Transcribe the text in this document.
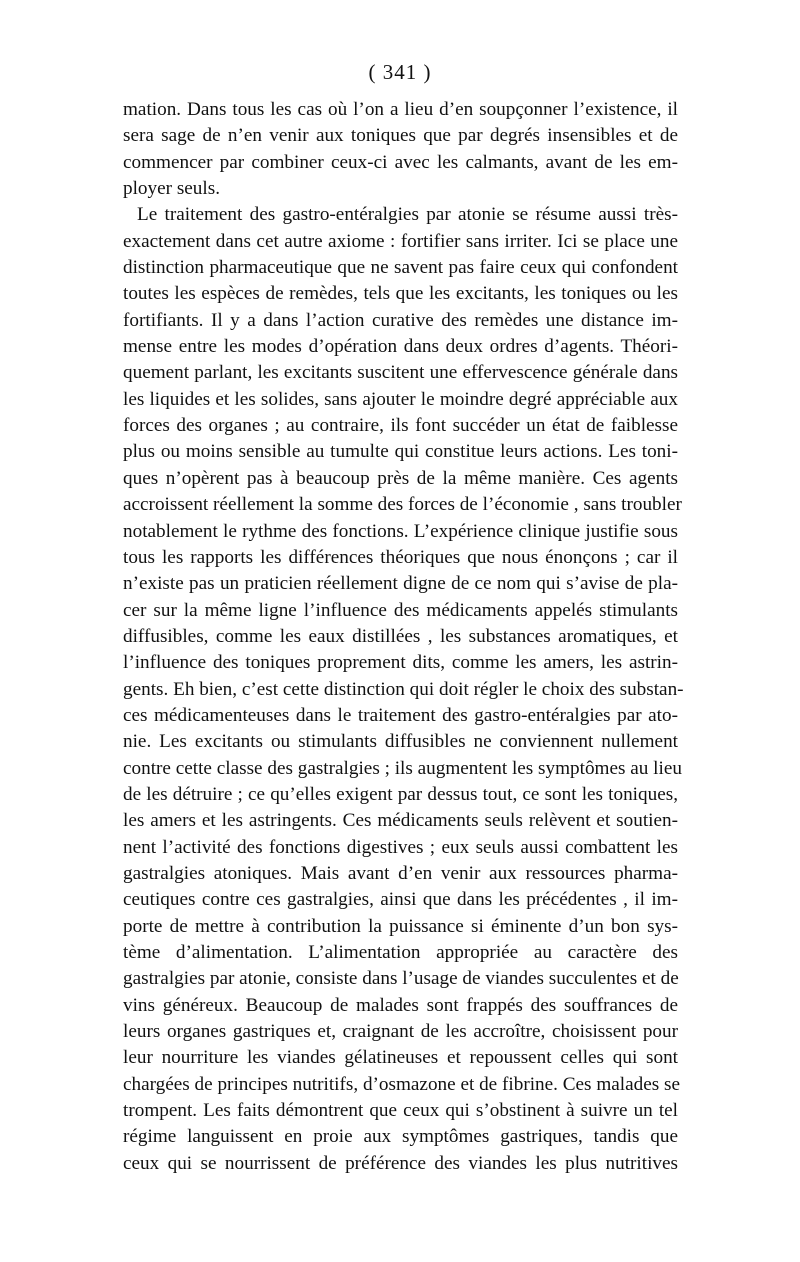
( 341 )
mation. Dans tous les cas où l’on a lieu d’en soupçonner l’existence, il
sera sage de n’en venir aux toniques que par degrés insensibles et de
commencer par combiner ceux-ci avec les calmants, avant de les em-
ployer seuls.
Le traitement des gastro-entéralgies par atonie se résume aussi très-
exactement dans cet autre axiome : fortifier sans irriter. Ici se place une
distinction pharmaceutique que ne savent pas faire ceux qui confondent
toutes les espèces de remèdes, tels que les excitants, les toniques ou les
fortifiants. Il y a dans l’action curative des remèdes une distance im-
mense entre les modes d’opération dans deux ordres d’agents. Théori-
quement parlant, les excitants suscitent une effervescence générale dans
les liquides et les solides, sans ajouter le moindre degré appréciable aux
forces des organes ; au contraire, ils font succéder un état de faiblesse
plus ou moins sensible au tumulte qui constitue leurs actions. Les toni-
ques n’opèrent pas à beaucoup près de la même manière. Ces agents
accroissent réellement la somme des forces de l’économie , sans troubler
notablement le rythme des fonctions. L’expérience clinique justifie sous
tous les rapports les différences théoriques que nous énonçons ; car il
n’existe pas un praticien réellement digne de ce nom qui s’avise de pla-
cer sur la même ligne l’influence des médicaments appelés stimulants
diffusibles, comme les eaux distillées , les substances aromatiques, et
l’influence des toniques proprement dits, comme les amers, les astrin-
gents. Eh bien, c’est cette distinction qui doit régler le choix des substan-
ces médicamenteuses dans le traitement des gastro-entéralgies par ato-
nie. Les excitants ou stimulants diffusibles ne conviennent nullement
contre cette classe des gastralgies ; ils augmentent les symptômes au lieu
de les détruire ; ce qu’elles exigent par dessus tout, ce sont les toniques,
les amers et les astringents. Ces médicaments seuls relèvent et soutien-
nent l’activité des fonctions digestives ; eux seuls aussi combattent les
gastralgies atoniques. Mais avant d’en venir aux ressources pharma-
ceutiques contre ces gastralgies, ainsi que dans les précédentes , il im-
porte de mettre à contribution la puissance si éminente d’un bon sys-
tème d’alimentation. L’alimentation appropriée au caractère des
gastralgies par atonie, consiste dans l’usage de viandes succulentes et de
vins généreux. Beaucoup de malades sont frappés des souffrances de
leurs organes gastriques et, craignant de les accroître, choisissent pour
leur nourriture les viandes gélatineuses et repoussent celles qui sont
chargées de principes nutritifs, d’osmazone et de fibrine. Ces malades se
trompent. Les faits démontrent que ceux qui s’obstinent à suivre un tel
régime languissent en proie aux symptômes gastriques, tandis que
ceux qui se nourrissent de préférence des viandes les plus nutritives
